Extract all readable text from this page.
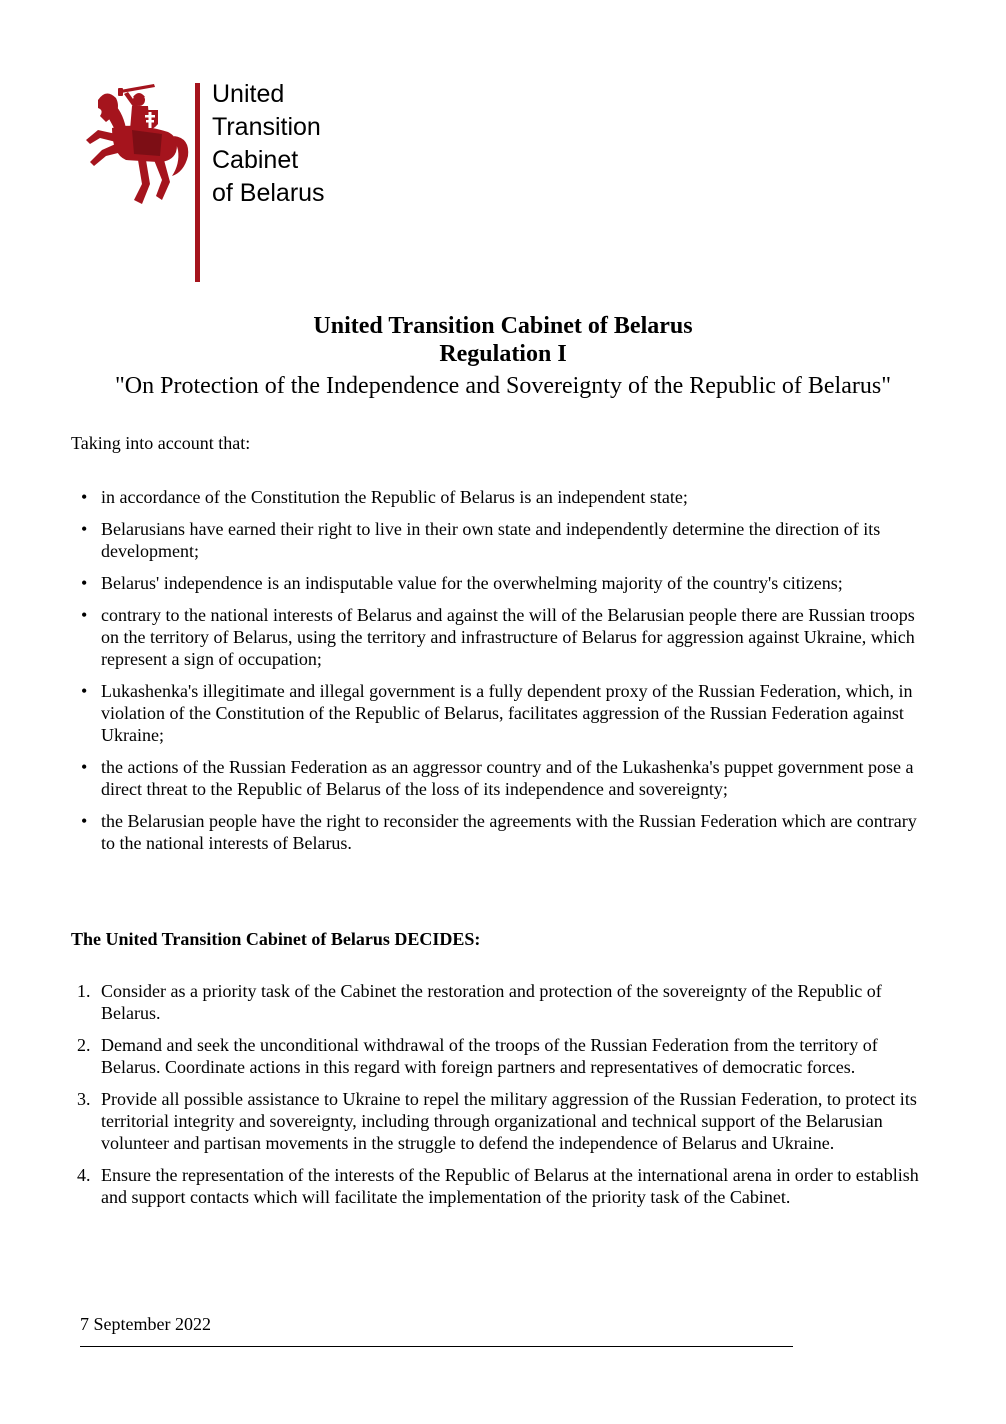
United
Transition
Cabinet
of Belarus
United Transition Cabinet of Belarus
Regulation I
"On Protection of the Independence and Sovereignty of the Republic of Belarus"
Taking into account that:
• in accordance of the Constitution the Republic of Belarus is an independent state;
• Belarusians have earned their right to live in their own state and independently determine the direction of its development;
• Belarus' independence is an indisputable value for the overwhelming majority of the country's citizens;
• contrary to the national interests of Belarus and against the will of the Belarusian people there are Russian troops on the territory of Belarus, using the territory and infrastructure of Belarus for aggression against Ukraine, which represent a sign of occupation;
• Lukashenka's illegitimate and illegal government is a fully dependent proxy of the Russian Federation, which, in violation of the Constitution of the Republic of Belarus, facilitates aggression of the Russian Federation against Ukraine;
• the actions of the Russian Federation as an aggressor country and of the Lukashenka's puppet government pose a direct threat to the Republic of Belarus of the loss of its independence and sovereignty;
• the Belarusian people have the right to reconsider the agreements with the Russian Federation which are contrary to the national interests of Belarus.
The United Transition Cabinet of Belarus DECIDES:
1. Consider as a priority task of the Cabinet the restoration and protection of the sovereignty of the Republic of Belarus.
2. Demand and seek the unconditional withdrawal of the troops of the Russian Federation from the territory of Belarus. Coordinate actions in this regard with foreign partners and representatives of democratic forces.
3. Provide all possible assistance to Ukraine to repel the military aggression of the Russian Federation, to protect its territorial integrity and sovereignty, including through organizational and technical support of the Belarusian volunteer and partisan movements in the struggle to defend the independence of Belarus and Ukraine.
4. Ensure the representation of the interests of the Republic of Belarus at the international arena in order to establish and support contacts which will facilitate the implementation of the priority task of the Cabinet.
7 September 2022
